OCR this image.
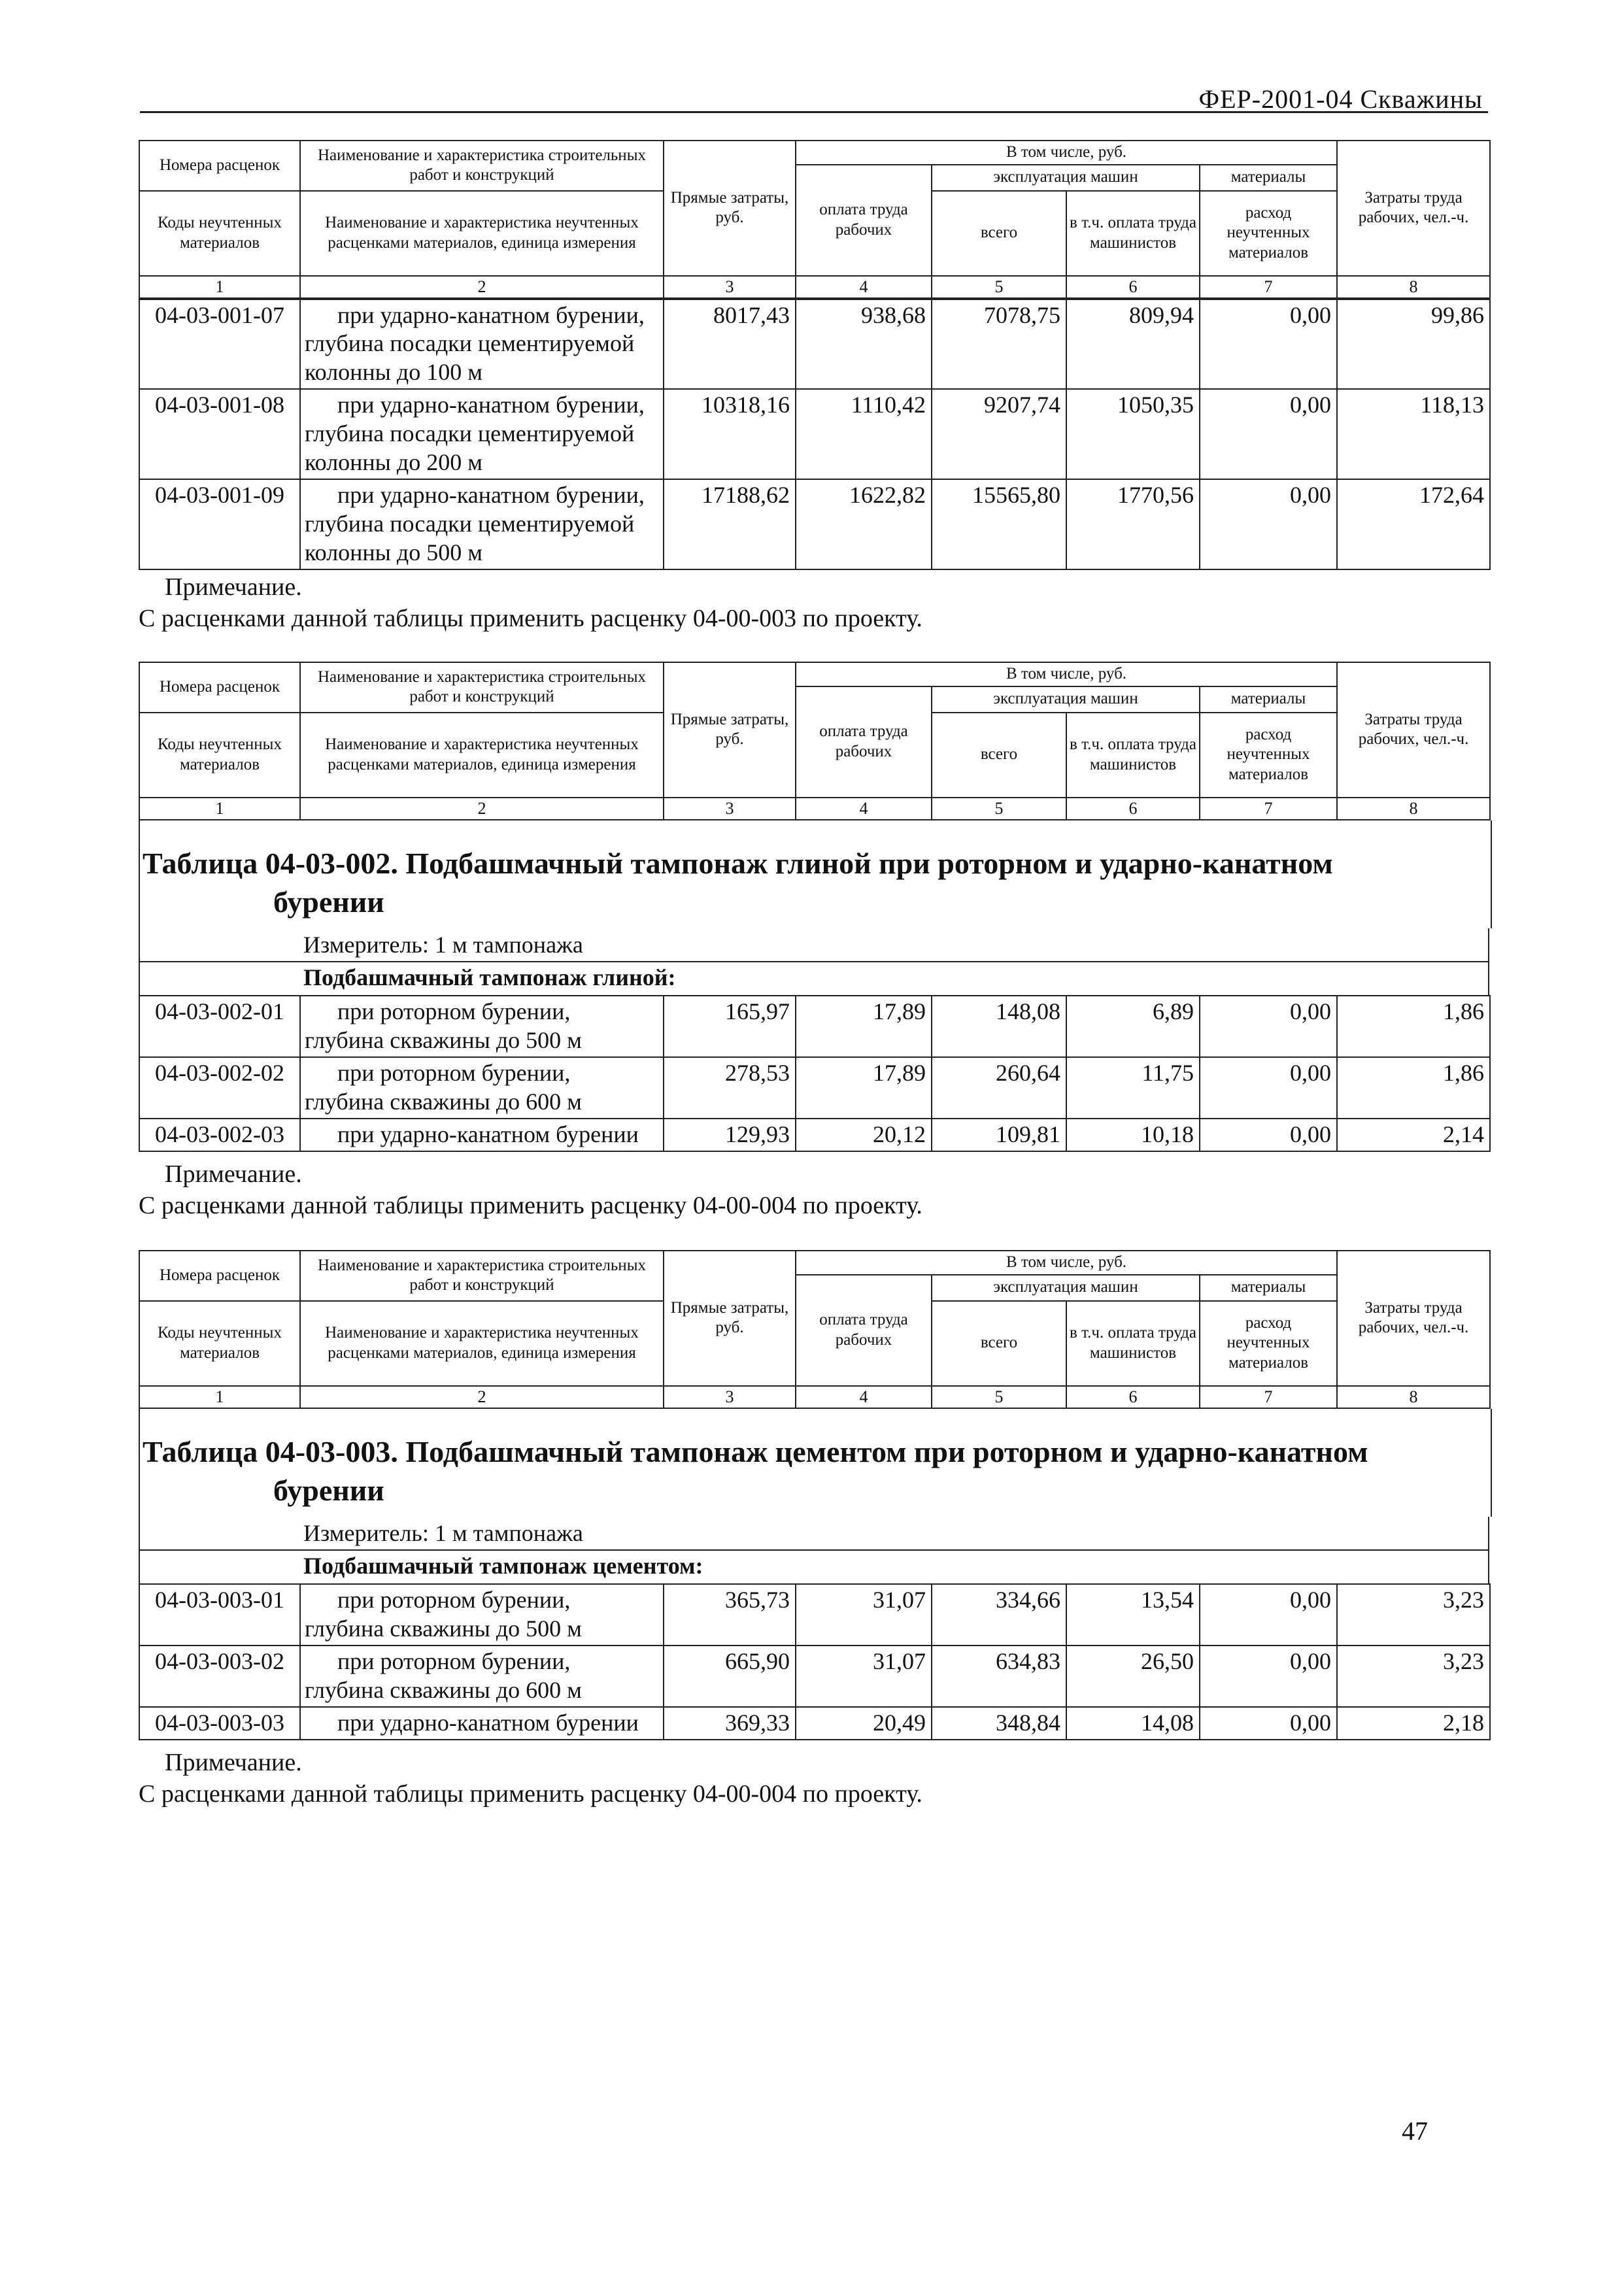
ФЕР-2001-04 Скважины
Номера расценок	Наименование и характеристика строительных работ и конструкций	Прямые затраты, руб.	В том числе, руб.				Затраты труда рабочих, чел.-ч.
			оплата труда рабочих	эксплуатация машин		материалы	
Коды неучтенных материалов	Наименование и характеристика неучтенных расценками материалов, единица измерения			всего	в т.ч. оплата труда машинистов	расход неучтенных материалов	

1	2	3	4	5	6	7	8
04-03-001-07	при ударно-канатном бурении,
глубина посадки цементируемой
колонны до 100 м	8017,43	938,68	7078,75	809,94	0,00	99,86
04-03-001-08	при ударно-канатном бурении,
глубина посадки цементируемой
колонны до 200 м	10318,16	1110,42	9207,74	1050,35	0,00	118,13
04-03-001-09	при ударно-канатном бурении,
глубина посадки цементируемой
колонны до 500 м	17188,62	1622,82	15565,80	1770,56	0,00	172,64
Примечание.
С расценками данной таблицы применить расценку 04-00-003 по проекту.
Номера расценок	Наименование и характеристика строительных работ и конструкций	Прямые затраты, руб.	В том числе, руб.				Затраты труда рабочих, чел.-ч.
			оплата труда рабочих	эксплуатация машин		материалы	
Коды неучтенных материалов	Наименование и характеристика неучтенных расценками материалов, единица измерения			всего	в т.ч. оплата труда машинистов	расход неучтенных материалов	

1	2	3	4	5	6	7	8
Таблица 04-03-002. Подбашмачный тампонаж глиной при роторном и ударно-канатном
бурении
Измеритель: 1 м тампонажа
Подбашмачный тампонаж глиной:
04-03-002-01	при роторном бурении,
глубина скважины до 500 м	165,97	17,89	148,08	6,89	0,00	1,86
04-03-002-02	при роторном бурении,
глубина скважины до 600 м	278,53	17,89	260,64	11,75	0,00	1,86
04-03-002-03	при ударно-канатном бурении	129,93	20,12	109,81	10,18	0,00	2,14
Примечание.
С расценками данной таблицы применить расценку 04-00-004 по проекту.
Номера расценок	Наименование и характеристика строительных работ и конструкций	Прямые затраты, руб.	В том числе, руб.				Затраты труда рабочих, чел.-ч.
			оплата труда рабочих	эксплуатация машин		материалы	
Коды неучтенных материалов	Наименование и характеристика неучтенных расценками материалов, единица измерения			всего	в т.ч. оплата труда машинистов	расход неучтенных материалов	

1	2	3	4	5	6	7	8
Таблица 04-03-003. Подбашмачный тампонаж цементом при роторном и ударно-канатном
бурении
Измеритель: 1 м тампонажа
Подбашмачный тампонаж цементом:
04-03-003-01	при роторном бурении,
глубина скважины до 500 м	365,73	31,07	334,66	13,54	0,00	3,23
04-03-003-02	при роторном бурении,
глубина скважины до 600 м	665,90	31,07	634,83	26,50	0,00	3,23
04-03-003-03	при ударно-канатном бурении	369,33	20,49	348,84	14,08	0,00	2,18
Примечание.
С расценками данной таблицы применить расценку 04-00-004 по проекту.
47
